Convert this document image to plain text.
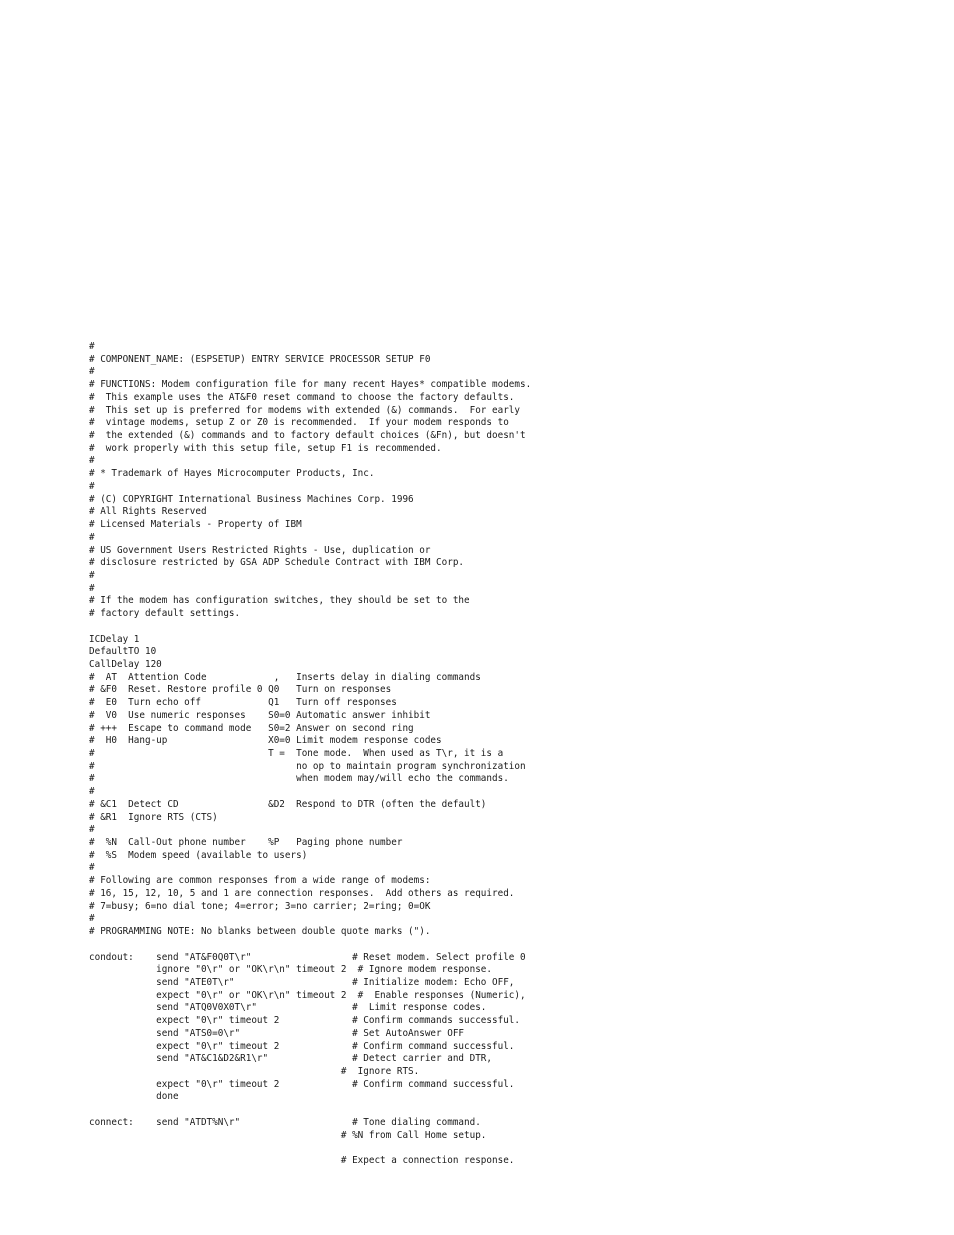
#
# COMPONENT_NAME: (ESPSETUP) ENTRY SERVICE PROCESSOR SETUP F0
#
# FUNCTIONS: Modem configuration file for many recent Hayes* compatible modems.
#  This example uses the AT&F0 reset command to choose the factory defaults.
#  This set up is preferred for modems with extended (&) commands.  For early
#  vintage modems, setup Z or Z0 is recommended.  If your modem responds to
#  the extended (&) commands and to factory default choices (&Fn), but doesn't
#  work properly with this setup file, setup F1 is recommended.
#
# * Trademark of Hayes Microcomputer Products, Inc.
#
# (C) COPYRIGHT International Business Machines Corp. 1996
# All Rights Reserved
# Licensed Materials - Property of IBM
#
# US Government Users Restricted Rights - Use, duplication or
# disclosure restricted by GSA ADP Schedule Contract with IBM Corp.
#
#
# If the modem has configuration switches, they should be set to the
# factory default settings.
ICDelay 1
DefaultTO 10
CallDelay 120
#  AT  Attention Code            ,   Inserts delay in dialing commands
# &F0  Reset. Restore profile 0 Q0   Turn on responses
#  E0  Turn echo off            Q1   Turn off responses
#  V0  Use numeric responses    S0=0 Automatic answer inhibit
# +++  Escape to command mode   S0=2 Answer on second ring
#  H0  Hang-up                  X0=0 Limit modem response codes
#                               T =  Tone mode.  When used as T\r, it is a
#                                    no op to maintain program synchronization
#                                    when modem may/will echo the commands.
#
# &C1  Detect CD                &D2  Respond to DTR (often the default)
# &R1  Ignore RTS (CTS)
#
#  %N  Call-Out phone number    %P   Paging phone number
#  %S  Modem speed (available to users)
#
# Following are common responses from a wide range of modems:
# 16, 15, 12, 10, 5 and 1 are connection responses.  Add others as required.
# 7=busy; 6=no dial tone; 4=error; 3=no carrier; 2=ring; 0=OK
#
# PROGRAMMING NOTE: No blanks between double quote marks (").
condout:    send "AT&F0Q0T\r"                  # Reset modem. Select profile 0
ignore "0\r" or "OK\r\n" timeout 2  # Ignore modem response.
send "ATE0T\r"                     # Initialize modem: Echo OFF,
expect "0\r" or "OK\r\n" timeout 2  #  Enable responses (Numeric),
send "ATQ0V0X0T\r"                 #  Limit response codes.
expect "0\r" timeout 2             # Confirm commands successful.
send "ATS0=0\r"                    # Set AutoAnswer OFF
expect "0\r" timeout 2             # Confirm command successful.
send "AT&C1&D2&R1\r"               # Detect carrier and DTR,
#  Ignore RTS.
expect "0\r" timeout 2             # Confirm command successful.
done
connect:    send "ATDT%N\r"                    # Tone dialing command.
# %N from Call Home setup.
# Expect a connection response.
